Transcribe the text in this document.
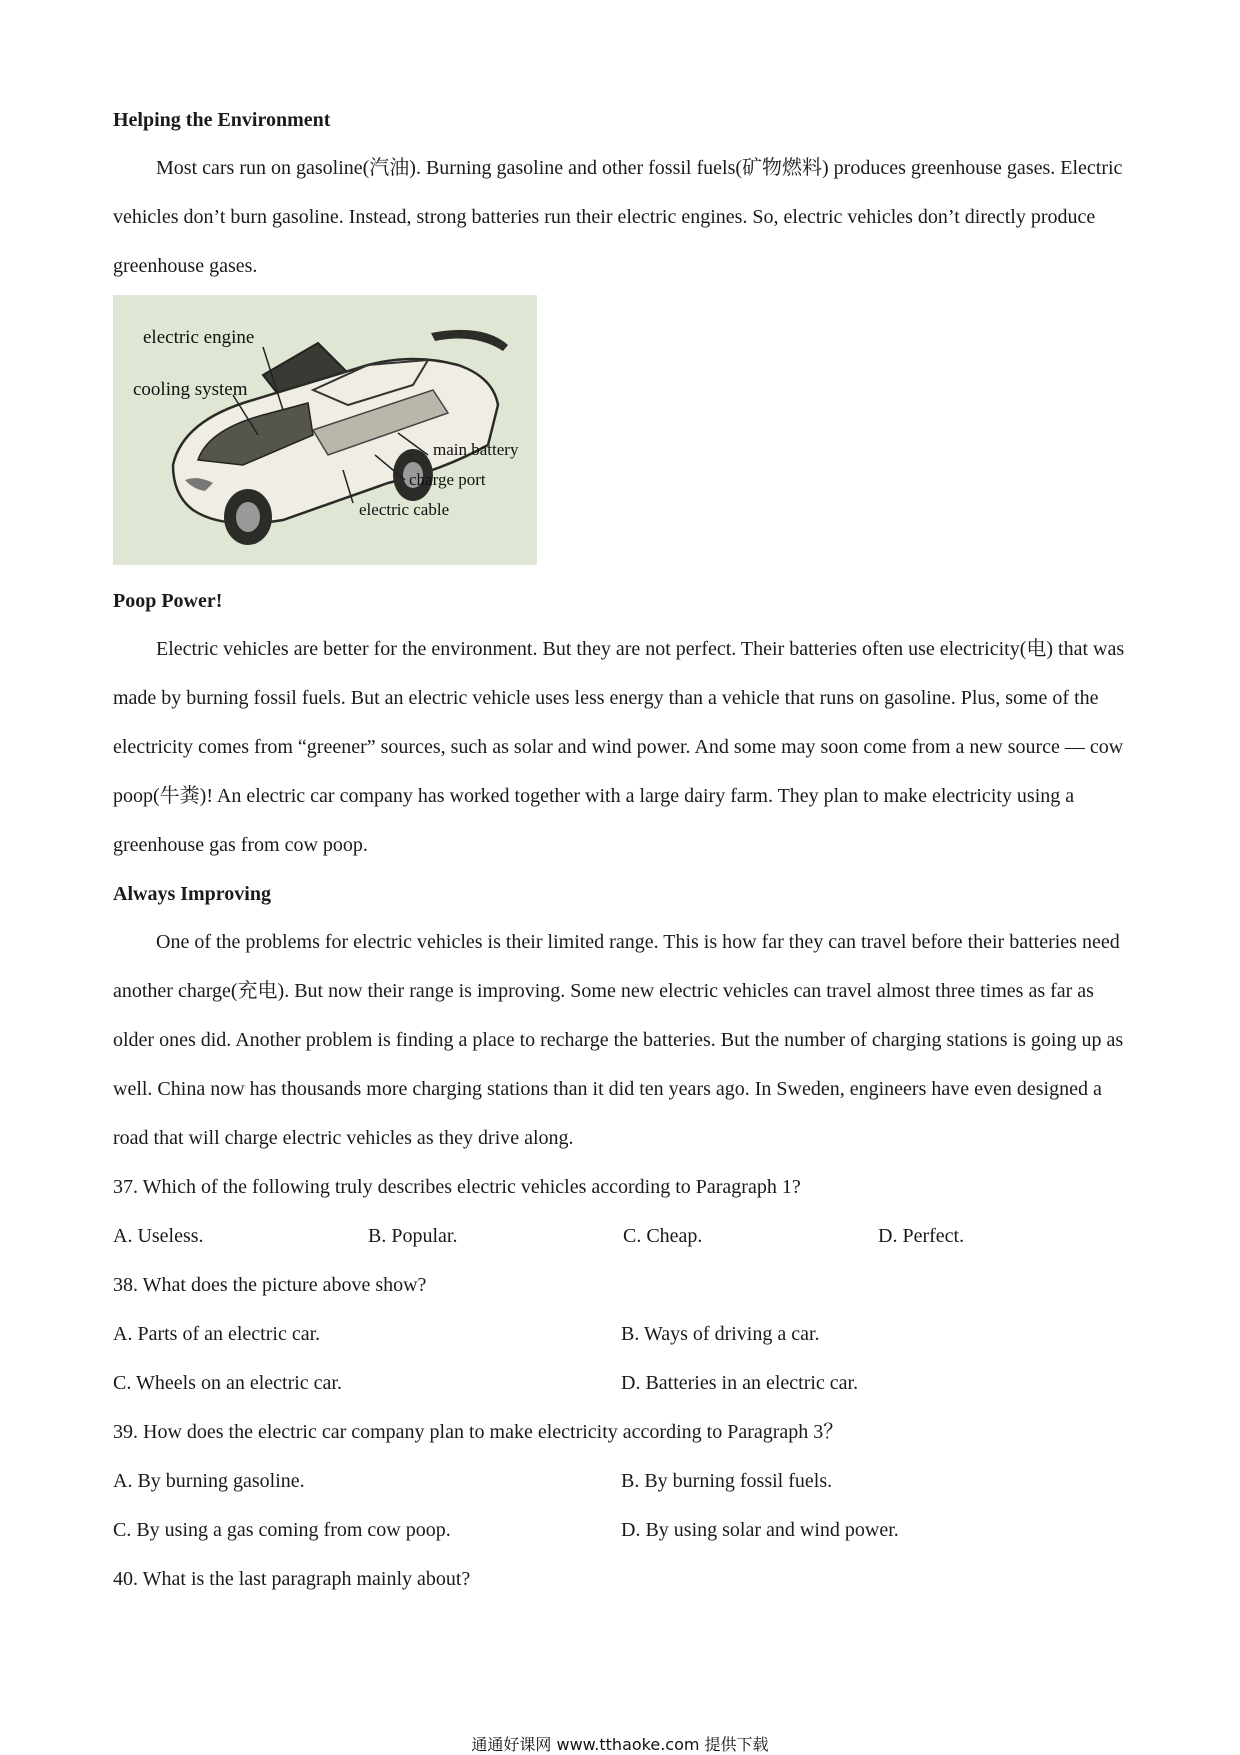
Helping the Environment

Most cars run on gasoline(汽油). Burning gasoline and other fossil fuels(矿物燃料) produces greenhouse gases. Electric vehicles don’t burn gasoline. Instead, strong batteries run their electric engines. So, electric vehicles don’t directly produce greenhouse gases.

electric engine
cooling system
main battery
charge port
electric cable
Poop Power!

Electric vehicles are better for the environment. But they are not perfect. Their batteries often use electricity(电) that was made by burning fossil fuels. But an electric vehicle uses less energy than a vehicle that runs on gasoline. Plus, some of the electricity comes from “greener” sources, such as solar and wind power. And some may soon come from a new source — cow poop(牛粪)! An electric car company has worked together with a large dairy farm. They plan to make electricity using a greenhouse gas from cow poop.

Always Improving

One of the problems for electric vehicles is their limited range. This is how far they can travel before their batteries need another charge(充电). But now their range is improving. Some new electric vehicles can travel almost three times as far as older ones did. Another problem is finding a place to recharge the batteries. But the number of charging stations is going up as well. China now has thousands more charging stations than it did ten years ago. In Sweden, engineers have even designed a road that will charge electric vehicles as they drive along.

37. Which of the following truly describes electric vehicles according to Paragraph 1?

A. Useless.	B. Popular.	C. Cheap.	D. Perfect.

38. What does the picture above show?

A. Parts of an electric car.	B. Ways of driving a car.
C. Wheels on an electric car.	D. Batteries in an electric car.

39. How does the electric car company plan to make electricity according to Paragraph 3？

A. By burning gasoline.	B. By burning fossil fuels.
C. By using a gas coming from cow poop.	D. By using solar and wind power.

40. What is the last paragraph mainly about?

通通好课网 www.tthaoke.com 提供下载
